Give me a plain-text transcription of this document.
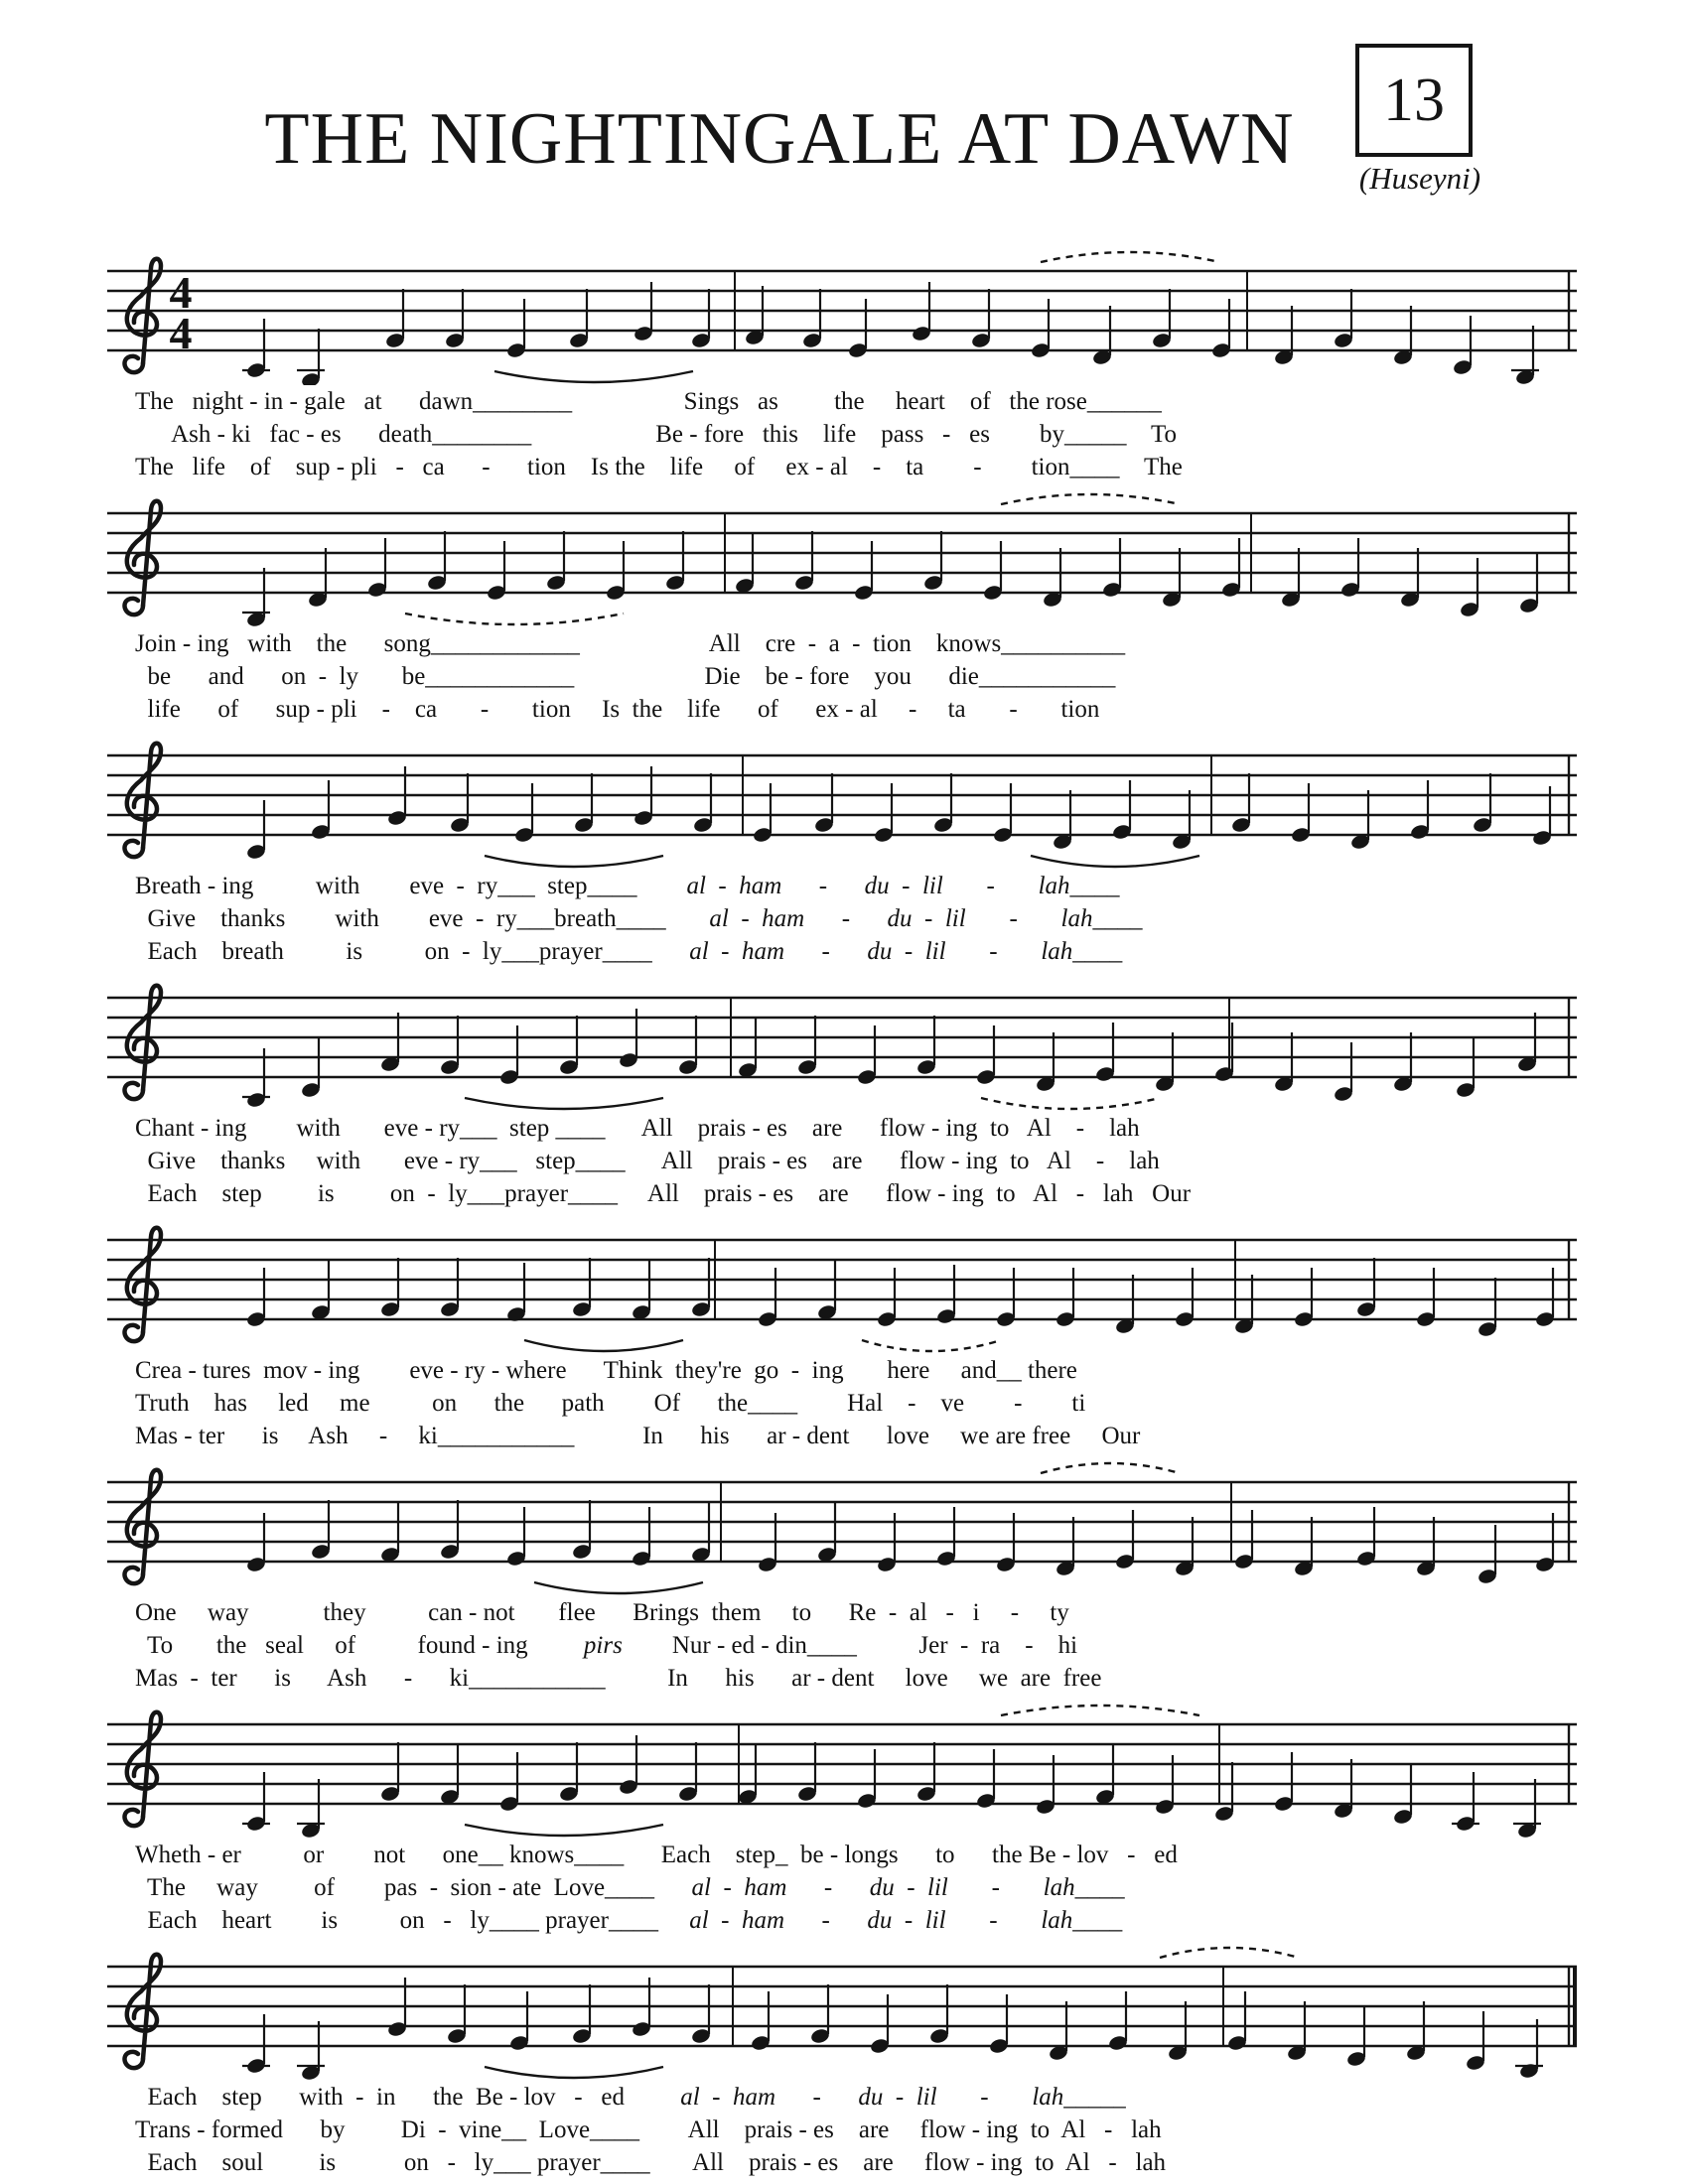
THE NIGHTINGALE AT DAWN	13
(Huseyni)
4
4
The   night - in - gale   at      dawn________                  Sings   as         the     heart    of   the rose______
Ash - ki   fac - es      death________                    Be - fore   this    life    pass   -   es        by_____    To
The   life    of    sup - pli   -   ca      -      tion    Is the    life     of     ex - al    -    ta        -        tion____    The
Join - ing   with    the      song____________                     All    cre  -  a  -  tion    knows__________
be      and      on  -  ly       be____________                     Die    be - fore    you      die___________
life      of      sup - pli    -    ca       -       tion     Is  the    life      of      ex - al     -     ta       -       tion
Breath - ing          with        eve  -  ry___  step____        al  -  ham      -      du  -  lil       -       lah____
Give    thanks        with        eve  -  ry___breath____       al  -  ham      -      du  -  lil       -       lah____
Each    breath          is          on  -  ly___prayer____      al  -  ham      -      du  -  lil       -       lah____
Chant - ing        with       eve - ry___  step ____      All    prais - es    are      flow - ing  to   Al    -    lah
Give    thanks     with       eve - ry___   step____      All    prais - es    are      flow - ing  to   Al    -    lah
Each    step         is         on  -  ly___prayer____     All    prais - es    are      flow - ing  to   Al   -   lah   Our
Crea - tures  mov - ing        eve - ry - where      Think  they're  go  -  ing       here     and__ there
Truth    has     led     me          on      the      path        Of      the____        Hal    -    ve        -        ti
Mas - ter      is     Ash     -     ki___________           In      his      ar - dent      love     we are free     Our
One     way            they          can - not       flee      Brings  them     to      Re  -  al   -   i     -     ty
To       the   seal     of          found - ing         pirs        Nur - ed - din____          Jer  -  ra    -    hi
Mas  -  ter      is      Ash      -      ki___________          In      his      ar - dent     love     we  are  free
Wheth - er          or        not      one__ knows____      Each    step_  be - longs      to      the Be - lov   -   ed
The     way         of        pas  -  sion - ate  Love____      al  -  ham      -      du  -  lil       -       lah____
Each    heart        is          on   -   ly____ prayer____     al  -  ham      -      du  -  lil       -       lah____
Each    step      with  -  in      the  Be - lov   -   ed         al  -  ham      -      du  -  lil       -       lah_____
Trans - formed      by         Di  -  vine__  Love____        All    prais - es    are     flow - ing  to  Al   -   lah
Each    soul         is           on   -   ly___ prayer____       All    prais - es    are     flow - ing  to  Al   -   lah
